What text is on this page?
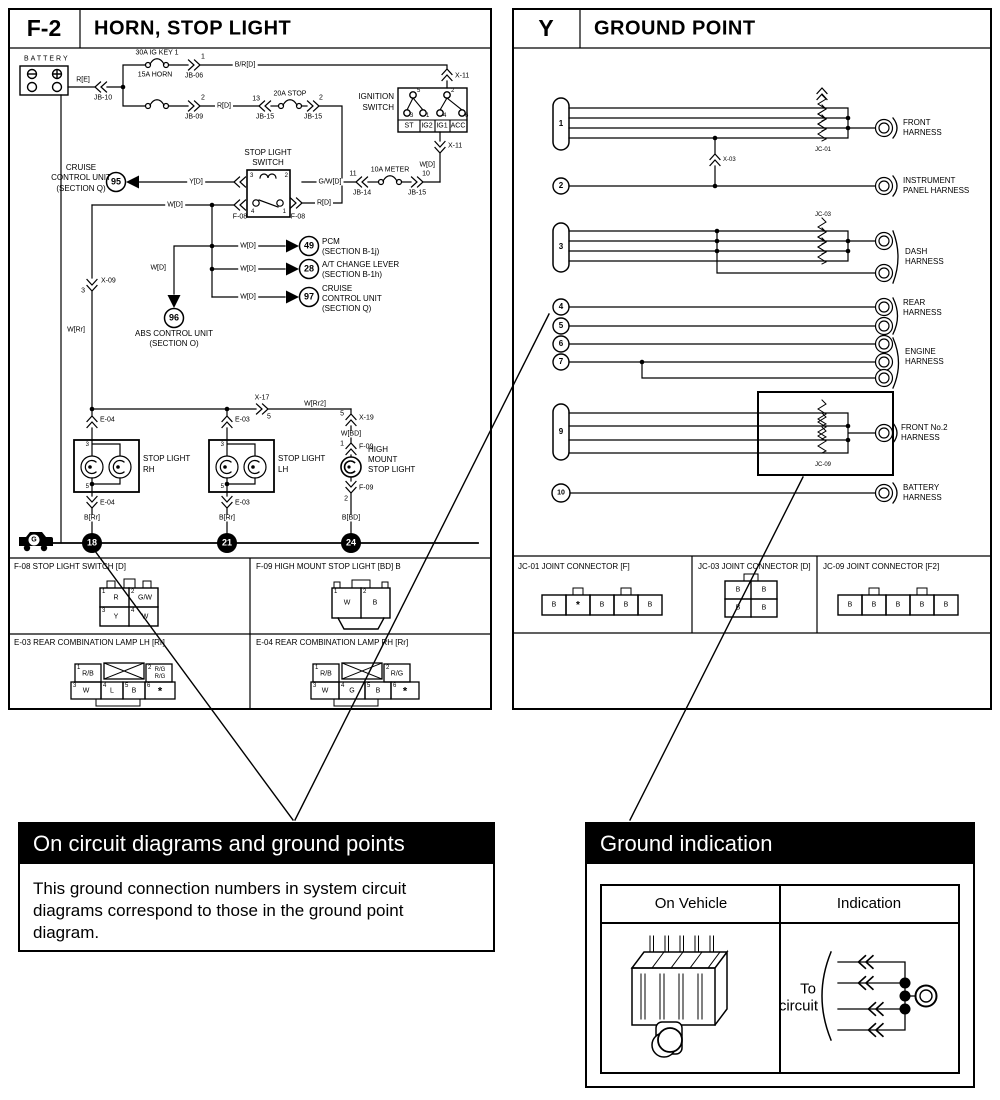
F-2	HORN, STOP LIGHT
BATTERY
R[E]
JB-10
30A IG KEY 1
15A HORN
1
JB-06
B/R[D]
2
JB-09
R[D]
13
JB-15
20A STOP
2
JB-15
X-11
IGNITION
SWITCH
5	2
3 1 4	6
ST IG2 IG1 ACC
X-11
W[D]
11
JB-14
10A METER
10
JB-15
G/W[D]
R[D]
CRUISE
CONTROL UNIT
(SECTION Q)
95	Y[D]
STOP LIGHT
SWITCH
3	2
4	1
F-08	F-08
W[D]
W[D]	49 PCM
(SECTION B-1j)
W[D]	28 A/T CHANGE LEVER
(SECTION B-1h)
W[D]	97
CRUISE
CONTROL UNIT
(SECTION Q)
W[D]
96
ABS CONTROL UNIT
(SECTION O)
3
X-09
W[Rr]
X-17
5
W[Rr2]
5
X-19
W[BD]
1 F-09
HIGH
MOUNT
STOP LIGHT
F-09
2
B[BD]
E-04
3
STOP LIGHT
RH
5
E-04
B[Rr]
E-03
3
STOP LIGHT
LH
5
E-03
B[Rr]
G	18	21	24
F-08 STOP LIGHT SWITCH [D]	F-09 HIGH MOUNT STOP LIGHT [BD] B
E-03 REAR COMBINATION LAMP LH [Rr]	E-04 REAR COMBINATION LAMP RH [Rr]
1
R
2
G/W
3
Y
4
W
1
W
2
B
1
R/B
2 R/G
R/G
3
W
4
L
5
B
6 *
1
R/B
2
R/G
3
W
4
G
5
B
6 *
Y	GROUND POINT
1
2
3
4
5
6
7
9
10
JC-01
X-03
JC-03
JC-09
FRONT
HARNESS
INSTRUMENT
PANEL HARNESS
DASH
HARNESS
REAR
HARNESS
ENGINE
HARNESS
FRONT No.2
HARNESS
BATTERY
HARNESS
JC-01 JOINT CONNECTOR [F]	JC-03 JOINT CONNECTOR [D] JC-09 JOINT CONNECTOR [F2]
B *	B	B	B
B	B
B	B	B	B	B	B	B
On circuit diagrams and ground points
This ground connection numbers in system circuit
diagrams correspond to those in the ground point
diagram.
Ground indication
On Vehicle	Indication
To
circuit
